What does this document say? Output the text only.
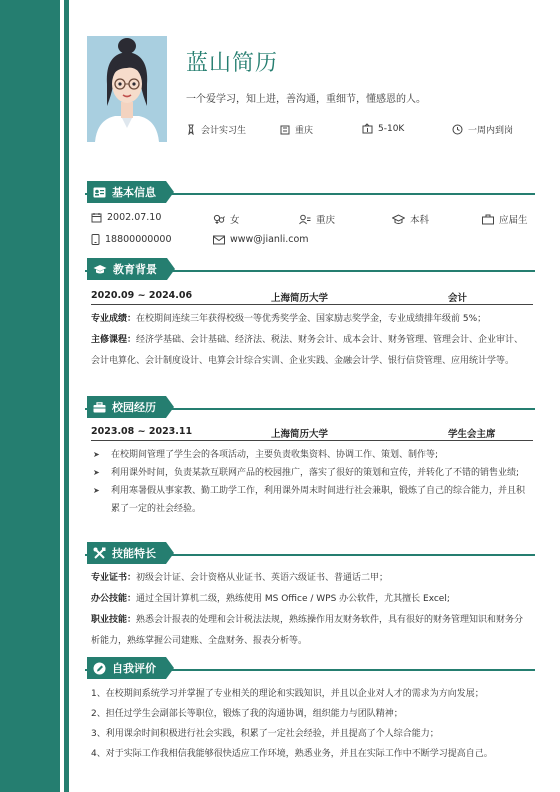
蓝山简历
一个爱学习，知上进，善沟通，重细节，懂感恩的人。
会计实习生	重庆	5-10K	一周内到岗
基本信息
2002.07.10	女	重庆	本科	应届生
18800000000	www@jianli.com
教育背景
2020.09 ~ 2024.06	上海简历大学	会计
专业成绩：在校期间连续三年获得校级一等优秀奖学金、国家励志奖学金，专业成绩排年级前 5%；
主修课程：经济学基础、会计基础、经济法、税法、财务会计、成本会计、财务管理、管理会计、企业审计、会计电算化、会计制度设计、电算会计综合实训、企业实践、金融会计学、银行信贷管理、应用统计学等。
校园经历
2023.08 ~ 2023.11	上海简历大学	学生会主席
➤ 在校期间管理了学生会的各项活动，主要负责收集资料、协调工作、策划、制作等;
➤ 利用课外时间，负责某款互联网产品的校园推广，落实了很好的策划和宣传，并转化了不错的销售业绩;
➤ 利用寒暑假从事家教、勤工助学工作，利用课外周末时间进行社会兼职，锻炼了自己的综合能力，并且积累了一定的社会经验。
技能特长
专业证书：初级会计证、会计资格从业证书、英语六级证书、普通话二甲；
办公技能：通过全国计算机二级，熟练使用 MS Office / WPS 办公软件，尤其擅长 Excel;
职业技能：熟悉会计报表的处理和会计税法法规，熟练操作用友财务软件，具有很好的财务管理知识和财务分析能力，熟练掌握公司建账、全盘财务、报表分析等。
自我评价
1、在校期间系统学习并掌握了专业相关的理论和实践知识，并且以企业对人才的需求为方向发展；
2、担任过学生会副部长等职位，锻炼了我的沟通协调，组织能力与团队精神；
3、利用课余时间积极进行社会实践，积累了一定社会经验，并且提高了个人综合能力；
4、对于实际工作我相信我能够很快适应工作环境，熟悉业务，并且在实际工作中不断学习提高自己。
